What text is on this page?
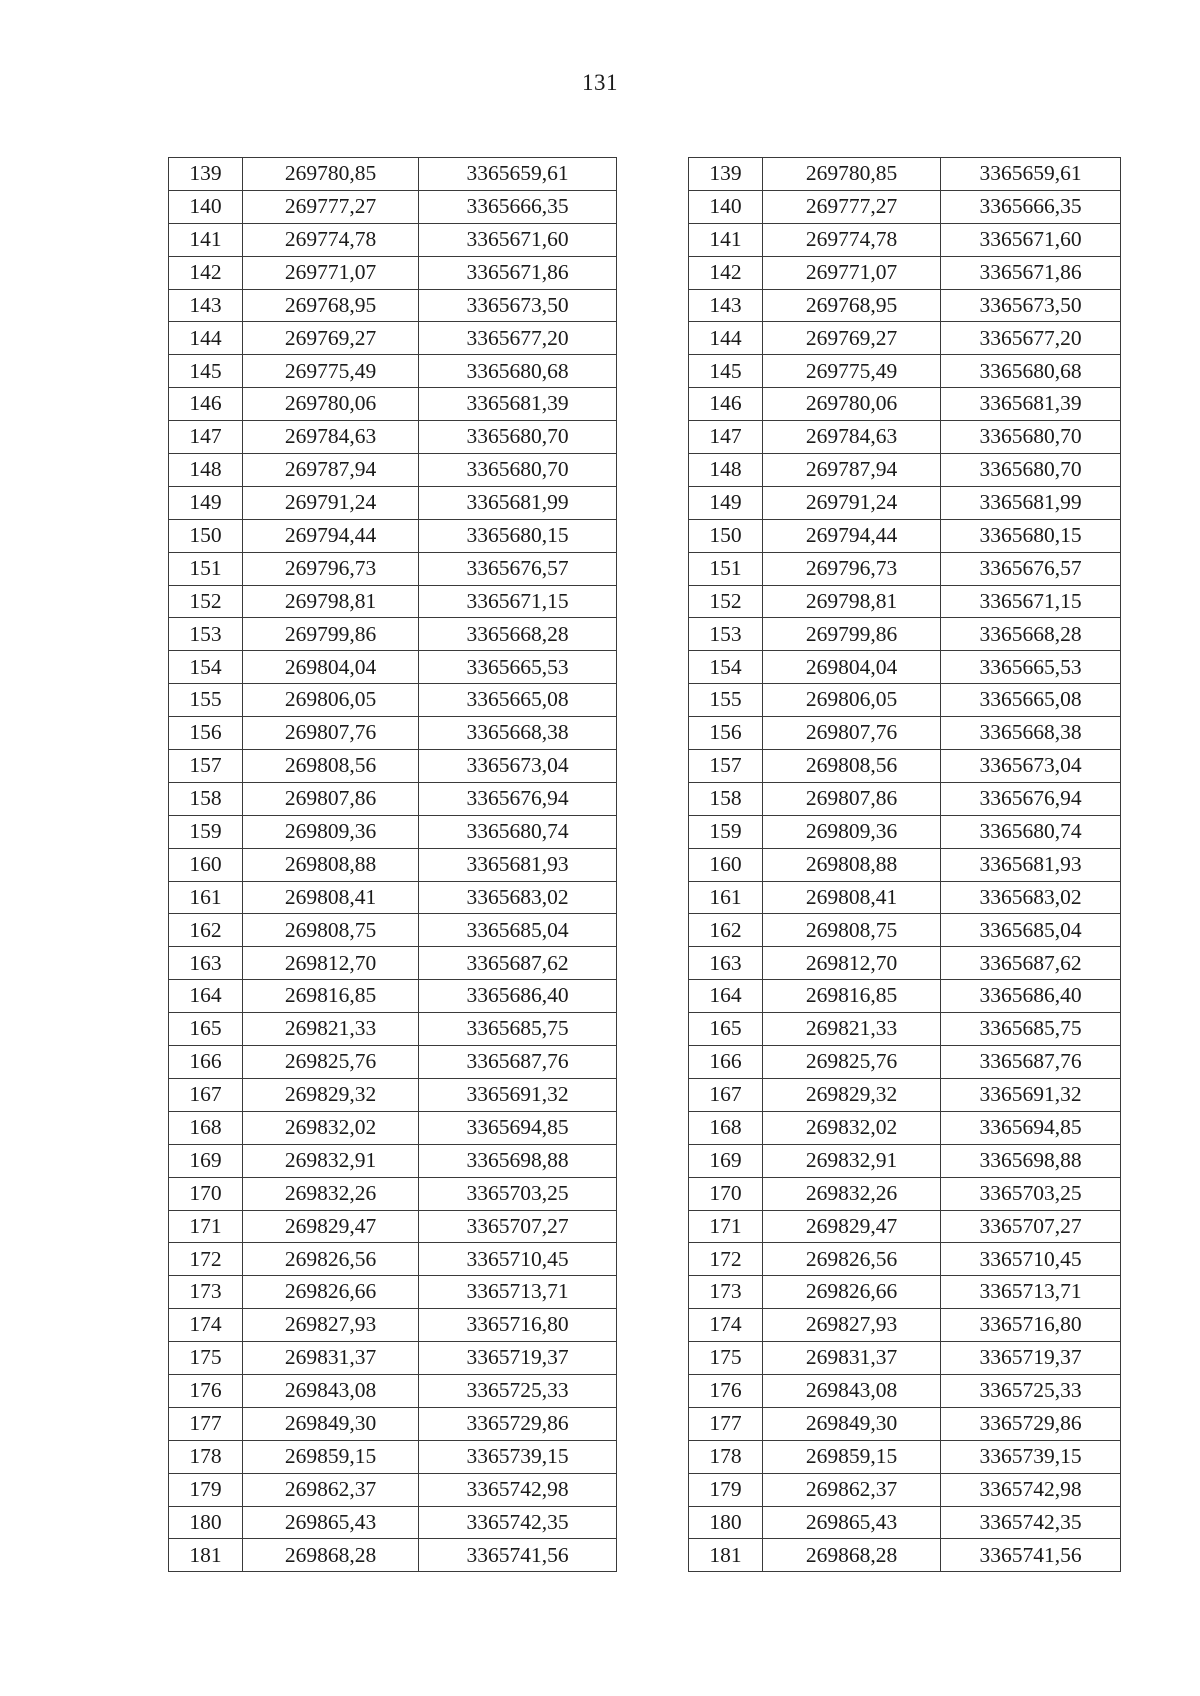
131
139	269780,85	3365659,61
140	269777,27	3365666,35
141	269774,78	3365671,60
142	269771,07	3365671,86
143	269768,95	3365673,50
144	269769,27	3365677,20
145	269775,49	3365680,68
146	269780,06	3365681,39
147	269784,63	3365680,70
148	269787,94	3365680,70
149	269791,24	3365681,99
150	269794,44	3365680,15
151	269796,73	3365676,57
152	269798,81	3365671,15
153	269799,86	3365668,28
154	269804,04	3365665,53
155	269806,05	3365665,08
156	269807,76	3365668,38
157	269808,56	3365673,04
158	269807,86	3365676,94
159	269809,36	3365680,74
160	269808,88	3365681,93
161	269808,41	3365683,02
162	269808,75	3365685,04
163	269812,70	3365687,62
164	269816,85	3365686,40
165	269821,33	3365685,75
166	269825,76	3365687,76
167	269829,32	3365691,32
168	269832,02	3365694,85
169	269832,91	3365698,88
170	269832,26	3365703,25
171	269829,47	3365707,27
172	269826,56	3365710,45
173	269826,66	3365713,71
174	269827,93	3365716,80
175	269831,37	3365719,37
176	269843,08	3365725,33
177	269849,30	3365729,86
178	269859,15	3365739,15
179	269862,37	3365742,98
180	269865,43	3365742,35
181	269868,28	3365741,56
139	269780,85	3365659,61
140	269777,27	3365666,35
141	269774,78	3365671,60
142	269771,07	3365671,86
143	269768,95	3365673,50
144	269769,27	3365677,20
145	269775,49	3365680,68
146	269780,06	3365681,39
147	269784,63	3365680,70
148	269787,94	3365680,70
149	269791,24	3365681,99
150	269794,44	3365680,15
151	269796,73	3365676,57
152	269798,81	3365671,15
153	269799,86	3365668,28
154	269804,04	3365665,53
155	269806,05	3365665,08
156	269807,76	3365668,38
157	269808,56	3365673,04
158	269807,86	3365676,94
159	269809,36	3365680,74
160	269808,88	3365681,93
161	269808,41	3365683,02
162	269808,75	3365685,04
163	269812,70	3365687,62
164	269816,85	3365686,40
165	269821,33	3365685,75
166	269825,76	3365687,76
167	269829,32	3365691,32
168	269832,02	3365694,85
169	269832,91	3365698,88
170	269832,26	3365703,25
171	269829,47	3365707,27
172	269826,56	3365710,45
173	269826,66	3365713,71
174	269827,93	3365716,80
175	269831,37	3365719,37
176	269843,08	3365725,33
177	269849,30	3365729,86
178	269859,15	3365739,15
179	269862,37	3365742,98
180	269865,43	3365742,35
181	269868,28	3365741,56
